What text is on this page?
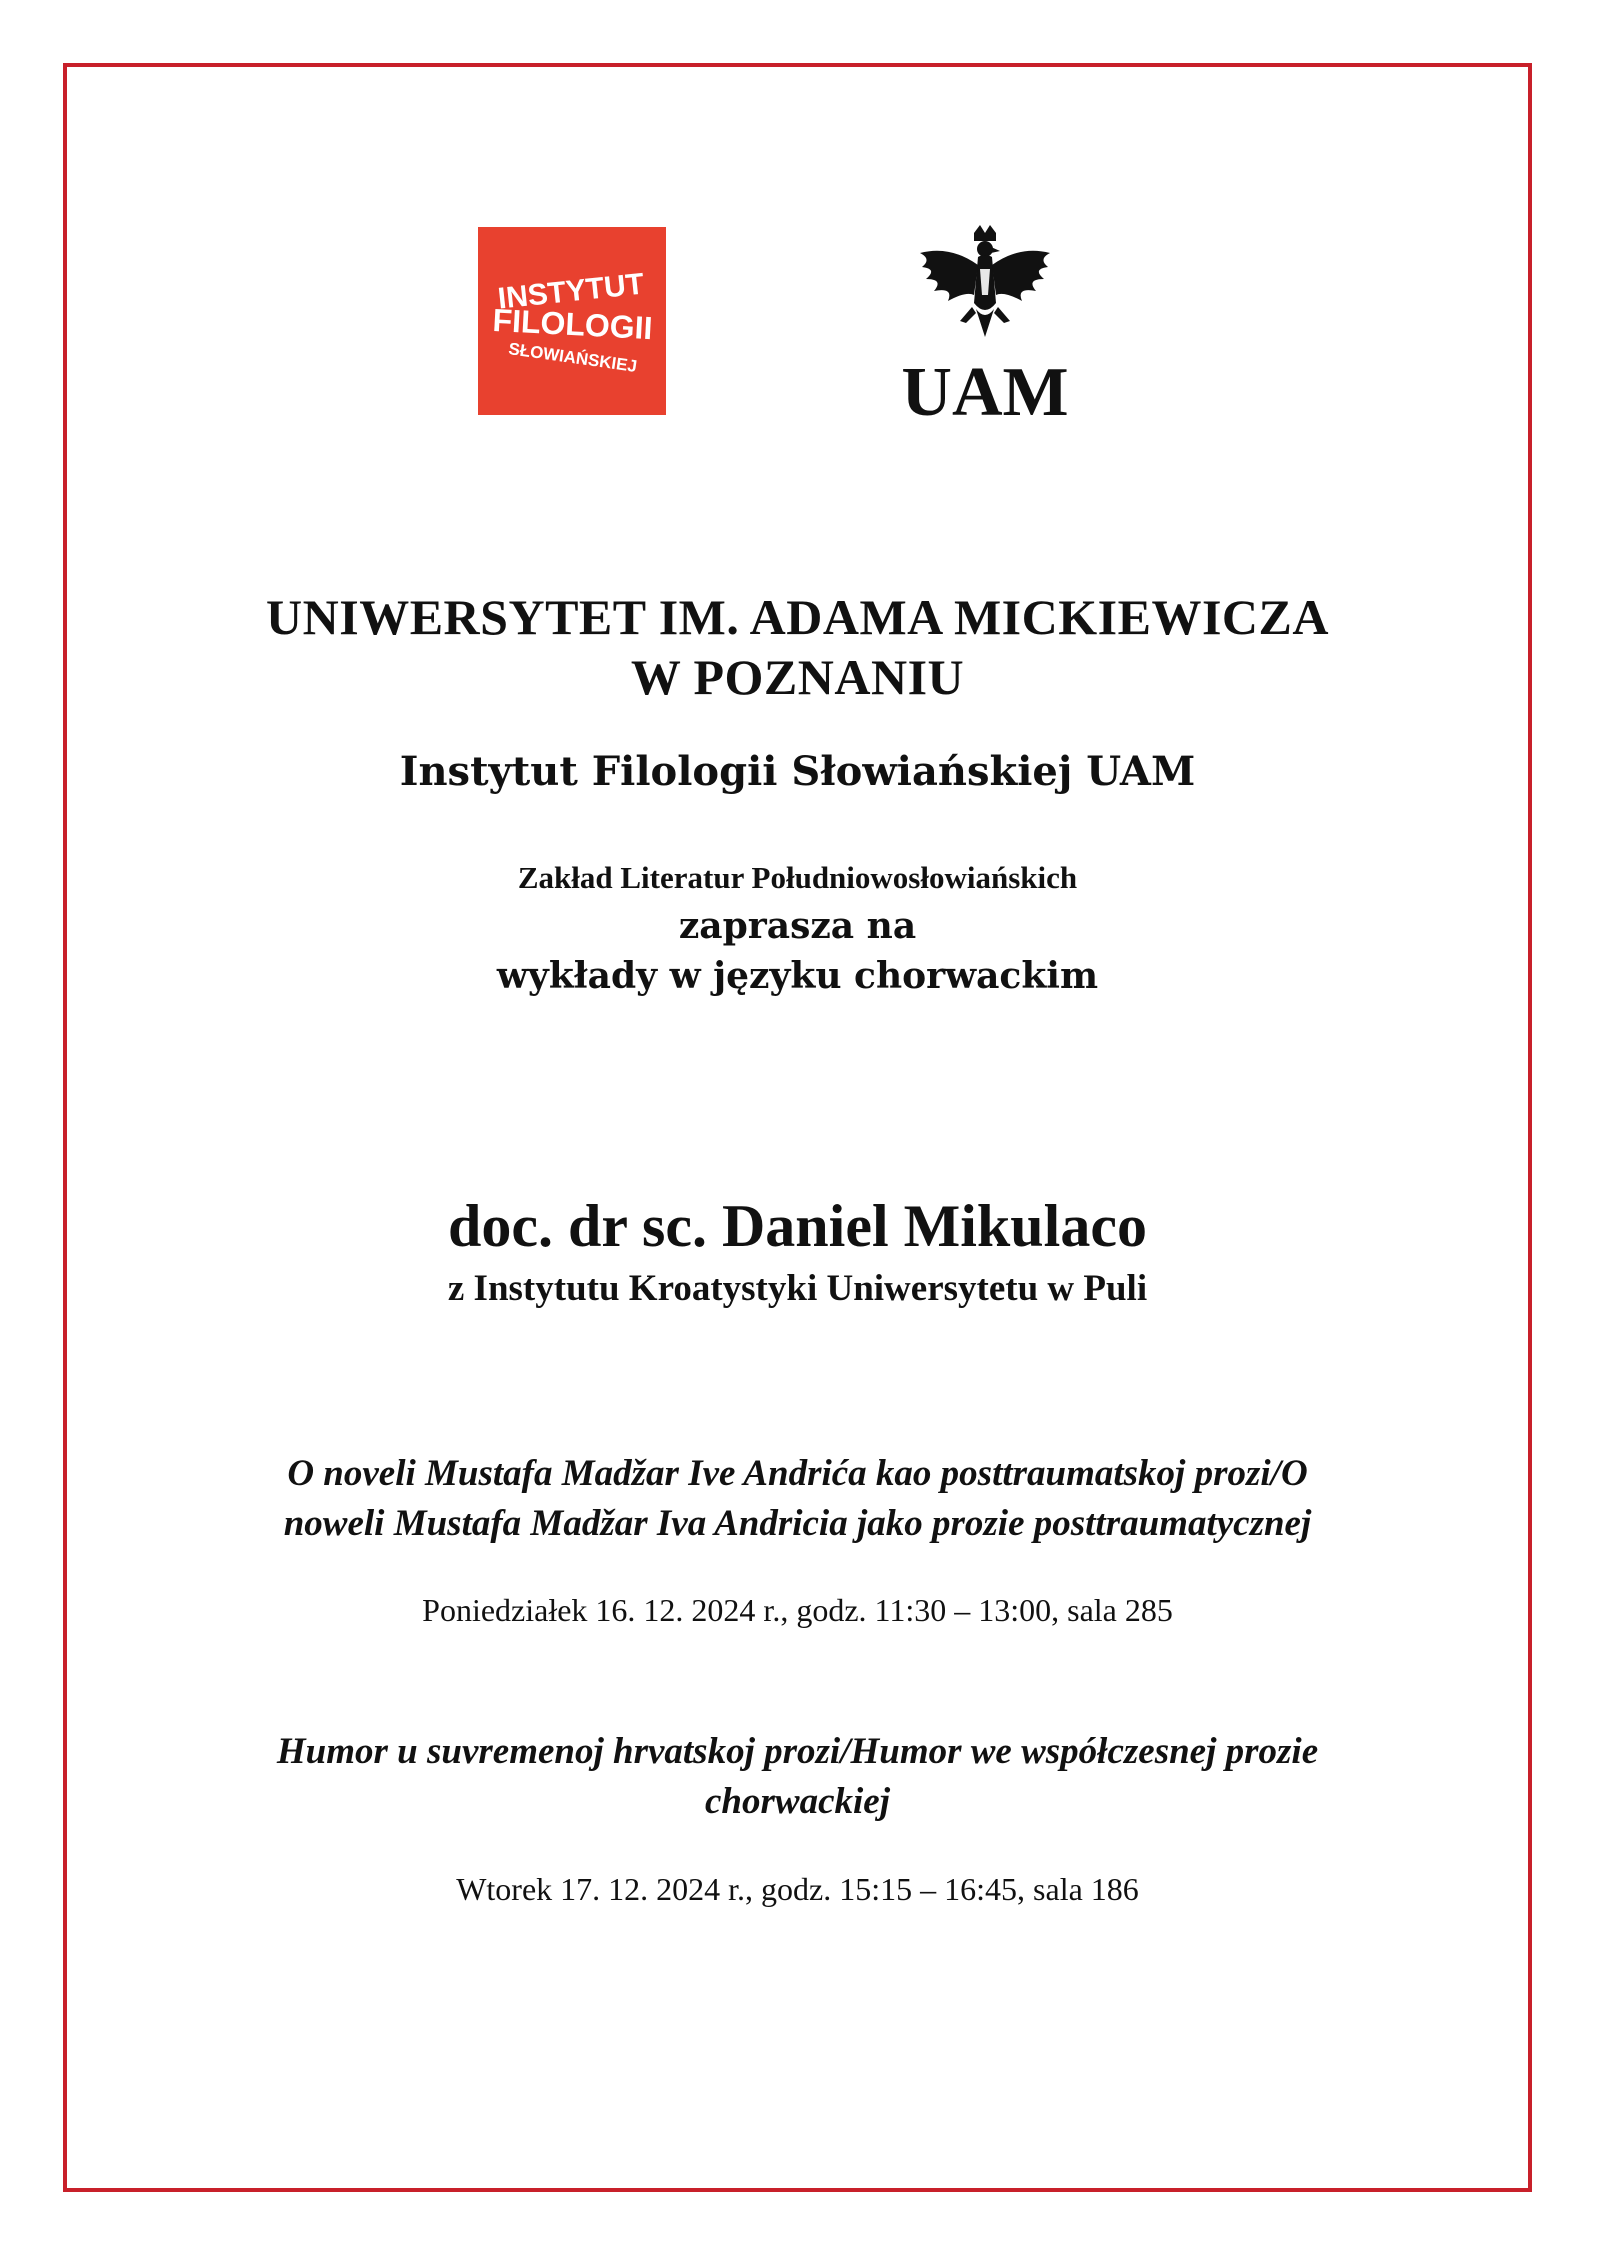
INSTYTUT
FILOLOGII
SŁOWIAŃSKIEJ	UAM
UNIWERSYTET IM. ADAMA MICKIEWICZA
W POZNANIU
Instytut Filologii Słowiańskiej UAM
Zakład Literatur Południowosłowiańskich
zaprasza na
wykłady w języku chorwackim
doc. dr sc. Daniel Mikulaco
z Instytutu Kroatystyki Uniwersytetu w Puli
O noveli Mustafa Madžar Ive Andrića kao posttraumatskoj prozi/O
noweli Mustafa Madžar Iva Andricia jako prozie posttraumatycznej
Poniedziałek 16. 12. 2024 r., godz. 11:30 – 13:00, sala 285
Humor u suvremenoj hrvatskoj prozi/Humor we współczesnej prozie
chorwackiej
Wtorek 17. 12. 2024 r., godz. 15:15 – 16:45, sala 186
